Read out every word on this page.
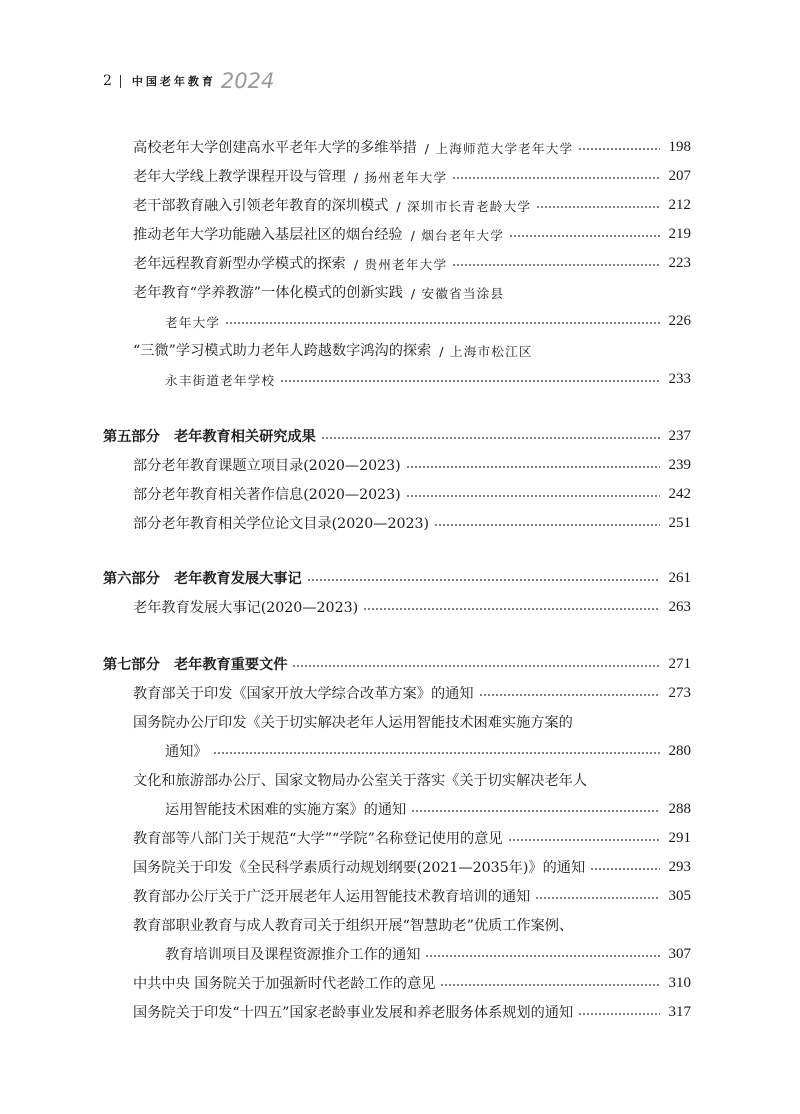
2 中国老年教育 2024
高校老年大学创建高水平老年大学的多维举措 / 上海师范大学老年大学	198
老年大学线上教学课程开设与管理 / 扬州老年大学	207
老干部教育融入引领老年教育的深圳模式 / 深圳市长青老龄大学	212
推动老年大学功能融入基层社区的烟台经验 / 烟台老年大学	219
老年远程教育新型办学模式的探索 / 贵州老年大学	223
老年教育“学养教游”一体化模式的创新实践 / 安徽省当涂县
老年大学	226
“三微”学习模式助力老年人跨越数字鸿沟的探索 / 上海市松江区
永丰街道老年学校	233
第五部分　老年教育相关研究成果	237
部分老年教育课题立项目录(2020—2023)	239
部分老年教育相关著作信息(2020—2023)	242
部分老年教育相关学位论文目录(2020—2023)	251
第六部分　老年教育发展大事记	261
老年教育发展大事记(2020—2023)	263
第七部分　老年教育重要文件	271
教育部关于印发《国家开放大学综合改革方案》的通知	273
国务院办公厅印发《关于切实解决老年人运用智能技术困难实施方案的
通知》	280
文化和旅游部办公厅、国家文物局办公室关于落实《关于切实解决老年人
运用智能技术困难的实施方案》的通知	288
教育部等八部门关于规范“大学”“学院”名称登记使用的意见	291
国务院关于印发《全民科学素质行动规划纲要(2021—2035年)》的通知	293
教育部办公厅关于广泛开展老年人运用智能技术教育培训的通知	305
教育部职业教育与成人教育司关于组织开展“智慧助老”优质工作案例、
教育培训项目及课程资源推介工作的通知	307
中共中央 国务院关于加强新时代老龄工作的意见	310
国务院关于印发“十四五”国家老龄事业发展和养老服务体系规划的通知	317
